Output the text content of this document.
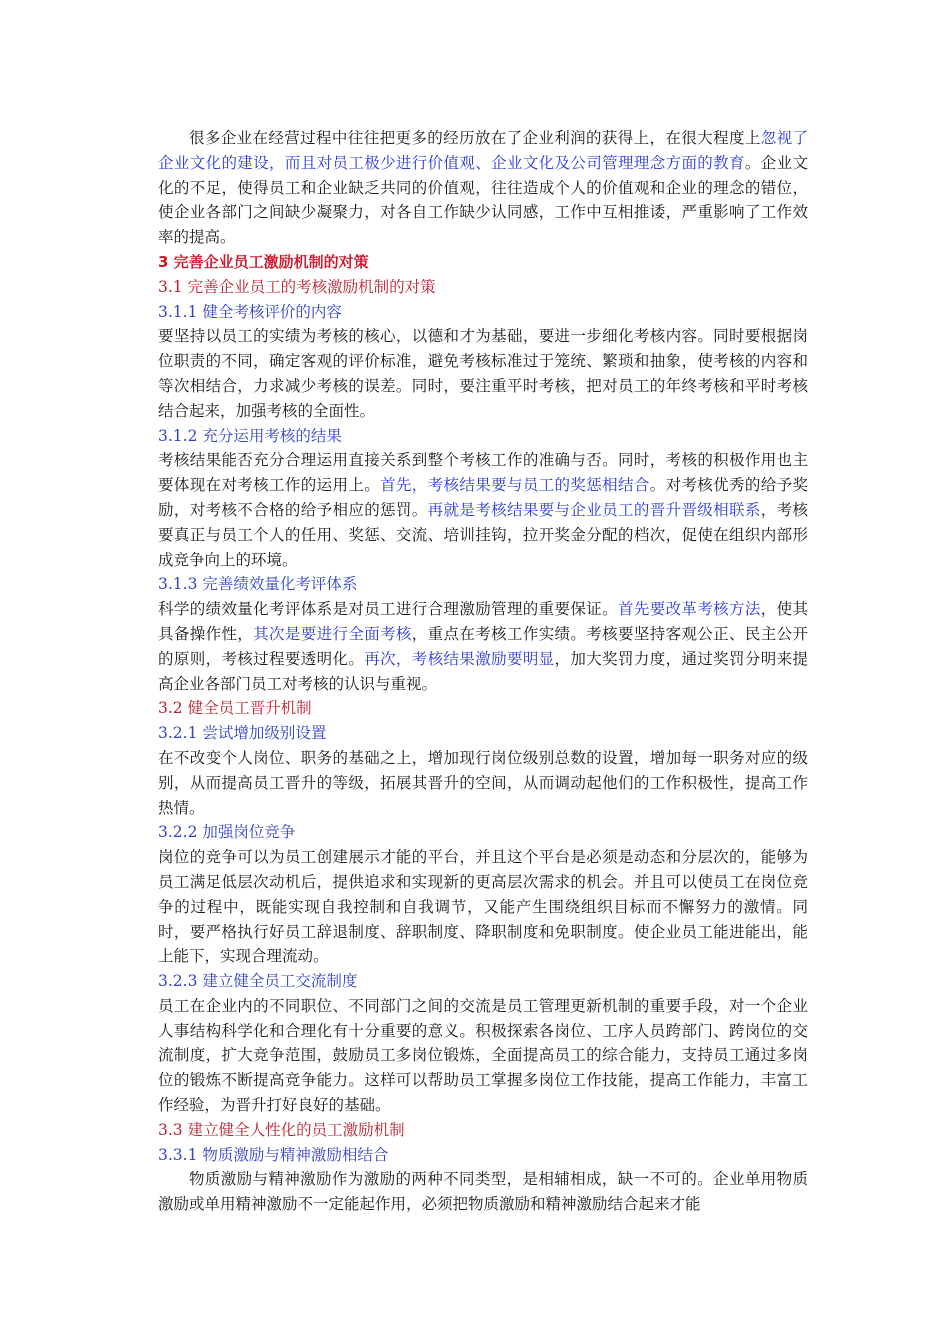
很多企业在经营过程中往往把更多的经历放在了企业利润的获得上，在很大程度上忽视了企业文化的建设，而且对员工极少进行价值观、企业文化及公司管理理念方面的教育。企业文化的不足，使得员工和企业缺乏共同的价值观，往往造成个人的价值观和企业的理念的错位，使企业各部门之间缺少凝聚力，对各自工作缺少认同感，工作中互相推诿，严重影响了工作效率的提高。

3 完善企业员工激励机制的对策

3.1 完善企业员工的考核激励机制的对策

3.1.1 健全考核评价的内容

要坚持以员工的实绩为考核的核心，以德和才为基础，要进一步细化考核内容。同时要根据岗位职责的不同，确定客观的评价标准，避免考核标准过于笼统、繁琐和抽象，使考核的内容和等次相结合，力求减少考核的误差。同时，要注重平时考核，把对员工的年终考核和平时考核结合起来，加强考核的全面性。

3.1.2 充分运用考核的结果

考核结果能否充分合理运用直接关系到整个考核工作的准确与否。同时，考核的积极作用也主要体现在对考核工作的运用上。首先，考核结果要与员工的奖惩相结合。对考核优秀的给予奖励，对考核不合格的给予相应的惩罚。再就是考核结果要与企业员工的晋升晋级相联系，考核要真正与员工个人的任用、奖惩、交流、培训挂钩，拉开奖金分配的档次，促使在组织内部形成竞争向上的环境。

3.1.3 完善绩效量化考评体系

科学的绩效量化考评体系是对员工进行合理激励管理的重要保证。首先要改革考核方法，使其具备操作性，其次是要进行全面考核，重点在考核工作实绩。考核要坚持客观公正、民主公开的原则，考核过程要透明化。再次，考核结果激励要明显，加大奖罚力度，通过奖罚分明来提高企业各部门员工对考核的认识与重视。

3.2 健全员工晋升机制

3.2.1 尝试增加级别设置

在不改变个人岗位、职务的基础之上，增加现行岗位级别总数的设置，增加每一职务对应的级别，从而提高员工晋升的等级，拓展其晋升的空间，从而调动起他们的工作积极性，提高工作热情。

3.2.2 加强岗位竞争

岗位的竞争可以为员工创建展示才能的平台，并且这个平台是必须是动态和分层次的，能够为员工满足低层次动机后，提供追求和实现新的更高层次需求的机会。并且可以使员工在岗位竞争的过程中，既能实现自我控制和自我调节，又能产生围绕组织目标而不懈努力的激情。同时，要严格执行好员工辞退制度、辞职制度、降职制度和免职制度。使企业员工能进能出，能上能下，实现合理流动。

3.2.3 建立健全员工交流制度

员工在企业内的不同职位、不同部门之间的交流是员工管理更新机制的重要手段，对一个企业人事结构科学化和合理化有十分重要的意义。积极探索各岗位、工序人员跨部门、跨岗位的交流制度，扩大竞争范围，鼓励员工多岗位锻炼，全面提高员工的综合能力，支持员工通过多岗位的锻炼不断提高竞争能力。这样可以帮助员工掌握多岗位工作技能，提高工作能力，丰富工作经验，为晋升打好良好的基础。

3.3 建立健全人性化的员工激励机制

3.3.1 物质激励与精神激励相结合

物质激励与精神激励作为激励的两种不同类型，是相辅相成，缺一不可的。企业单用物质激励或单用精神激励不一定能起作用，必须把物质激励和精神激励结合起来才能
